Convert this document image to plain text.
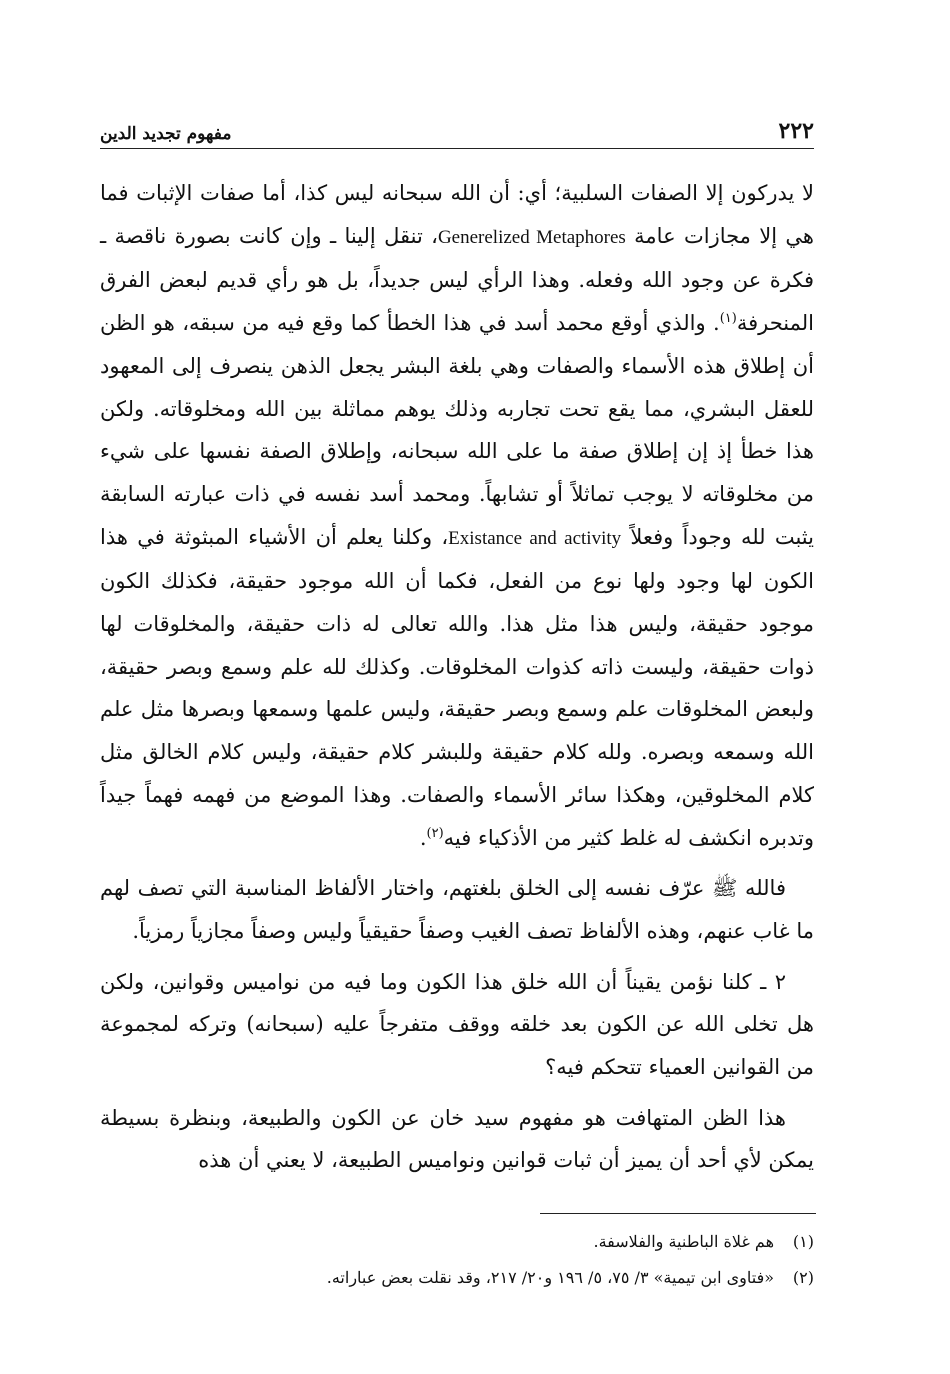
٢٢٢
مفهوم تجديد الدين

لا يدركون إلا الصفات السلبية؛ أي: أن الله سبحانه ليس كذا، أما صفات الإثبات فما هي إلا مجازات عامة Generelized Metaphores، تنقل إلينا ـ وإن كانت بصورة ناقصة ـ فكرة عن وجود الله وفعله. وهذا الرأي ليس جديداً، بل هو رأي قديم لبعض الفرق المنحرفة$^{(١)}$. والذي أوقع محمد أسد في هذا الخطأ كما وقع فيه من سبقه، هو الظن أن إطلاق هذه الأسماء والصفات وهي بلغة البشر يجعل الذهن ينصرف إلى المعهود للعقل البشري، مما يقع تحت تجاربه وذلك يوهم مماثلة بين الله ومخلوقاته. ولكن هذا خطأ إذ إن إطلاق صفة ما على الله سبحانه، وإطلاق الصفة نفسها على شيء من مخلوقاته لا يوجب تماثلاً أو تشابهاً. ومحمد أسد نفسه في ذات عبارته السابقة يثبت لله وجوداً وفعلاً Existance and activity، وكلنا يعلم أن الأشياء المبثوثة في هذا الكون لها وجود ولها نوع من الفعل، فكما أن الله موجود حقيقة، فكذلك الكون موجود حقيقة، وليس هذا مثل هذا. والله تعالى له ذات حقيقة، والمخلوقات لها ذوات حقيقة، وليست ذاته كذوات المخلوقات. وكذلك لله علم وسمع وبصر حقيقة، ولبعض المخلوقات علم وسمع وبصر حقيقة، وليس علمها وسمعها وبصرها مثل علم الله وسمعه وبصره. ولله كلام حقيقة وللبشر كلام حقيقة، وليس كلام الخالق مثل كلام المخلوقين، وهكذا سائر الأسماء والصفات. وهذا الموضع من فهمه فهماً جيداً وتدبره انكشف له غلط كثير من الأذكياء فيه$^{(٢)}$.

فالله ﷺ عرّف نفسه إلى الخلق بلغتهم، واختار الألفاظ المناسبة التي تصف لهم ما غاب عنهم، وهذه الألفاظ تصف الغيب وصفاً حقيقياً وليس وصفاً مجازياً رمزياً.

٢ ـ كلنا نؤمن يقيناً أن الله خلق هذا الكون وما فيه من نواميس وقوانين، ولكن هل تخلى الله عن الكون بعد خلقه ووقف متفرجاً عليه (سبحانه) وتركه لمجموعة من القوانين العمياء تتحكم فيه؟

هذا الظن المتهافت هو مفهوم سيد خان عن الكون والطبيعة، وبنظرة بسيطة يمكن لأي أحد أن يميز أن ثبات قوانين ونواميس الطبيعة، لا يعني أن هذه

(١)هم غلاة الباطنية والفلاسفة.

(٢)«فتاوى ابن تيمية» ٣/ ٧٥، ٥/ ١٩٦ و٢٠/ ٢١٧، وقد نقلت بعض عباراته.
